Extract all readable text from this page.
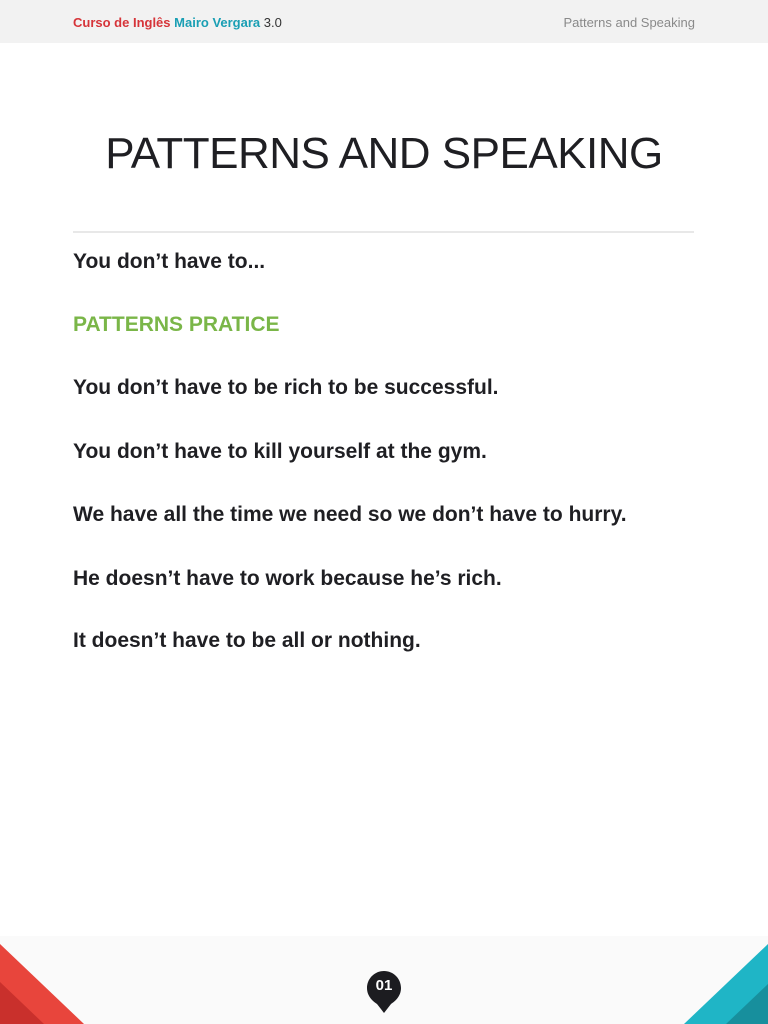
Curso de Inglês Mairo Vergara 3.0	Patterns and Speaking
PATTERNS AND SPEAKING
You don’t have to...
PATTERNS PRATICE
You don’t have to be rich to be successful.
You don’t have to kill yourself at the gym.
We have all the time we need so we don’t have to hurry.
He doesn’t have to work because he’s rich.
It doesn’t have to be all or nothing.
01
